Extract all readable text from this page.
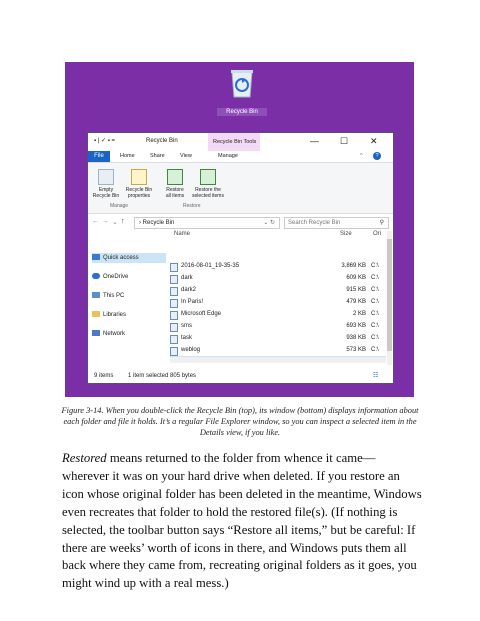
Recycle Bin
▪ | ✓ ▪ =	Recycle Bin	Recycle Bin Tools	— ☐ ✕
File	Home	Share	View	Manage	^	?
Empty
Recycle Bin
Recycle Bin
properties
Restore
all items
Restore the
selected items
Manage	Restore
← → ⌄ ↑	› Recycle Bin	⌄ ↻	Search Recycle Bin	⚲
Quick access
OneDrive
This PC
Libraries
Network
Name	Size	Ori
2016-08-01_19-35-35	3,869 KB C:\
dark	609 KB C:\
dark2	915 KB C:\
In Paris!	479 KB C:\
Microsoft Edge	2 KB C:\
sms	693 KB C:\
task	938 KB C:\
weblog	573 KB C:\
9 items 1 item selected 805 bytes	☷
Figure 3-14. When you double-click the Recycle Bin (top), its window (bottom) displays information about each folder and file it holds. It’s a regular File Explorer window, so you can inspect a selected item in the Details view, if you like.
Restored means returned to the folder from whence it came—wherever it was on your hard drive when deleted. If you restore an icon whose original folder has been deleted in the meantime, Windows even recreates that folder to hold the restored file(s). (If nothing is selected, the toolbar button says “Restore all items,” but be careful: If there are weeks’ worth of icons in there, and Windows puts them all back where they came from, recreating original folders as it goes, you might wind up with a real mess.)
